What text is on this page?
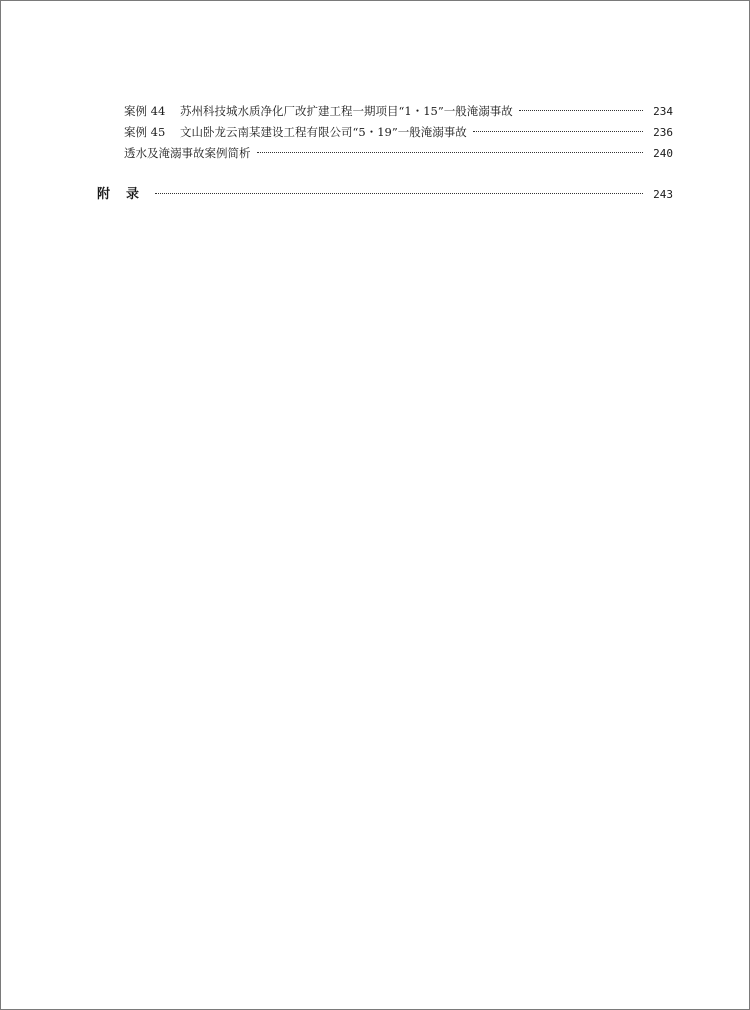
案例 44	苏州科技城水质净化厂改扩建工程一期项目“1・15”一般淹溺事故	234
案例 45	文山卧龙云南某建设工程有限公司“5・19”一般淹溺事故	236
透水及淹溺事故案例简析	240
附录	243
